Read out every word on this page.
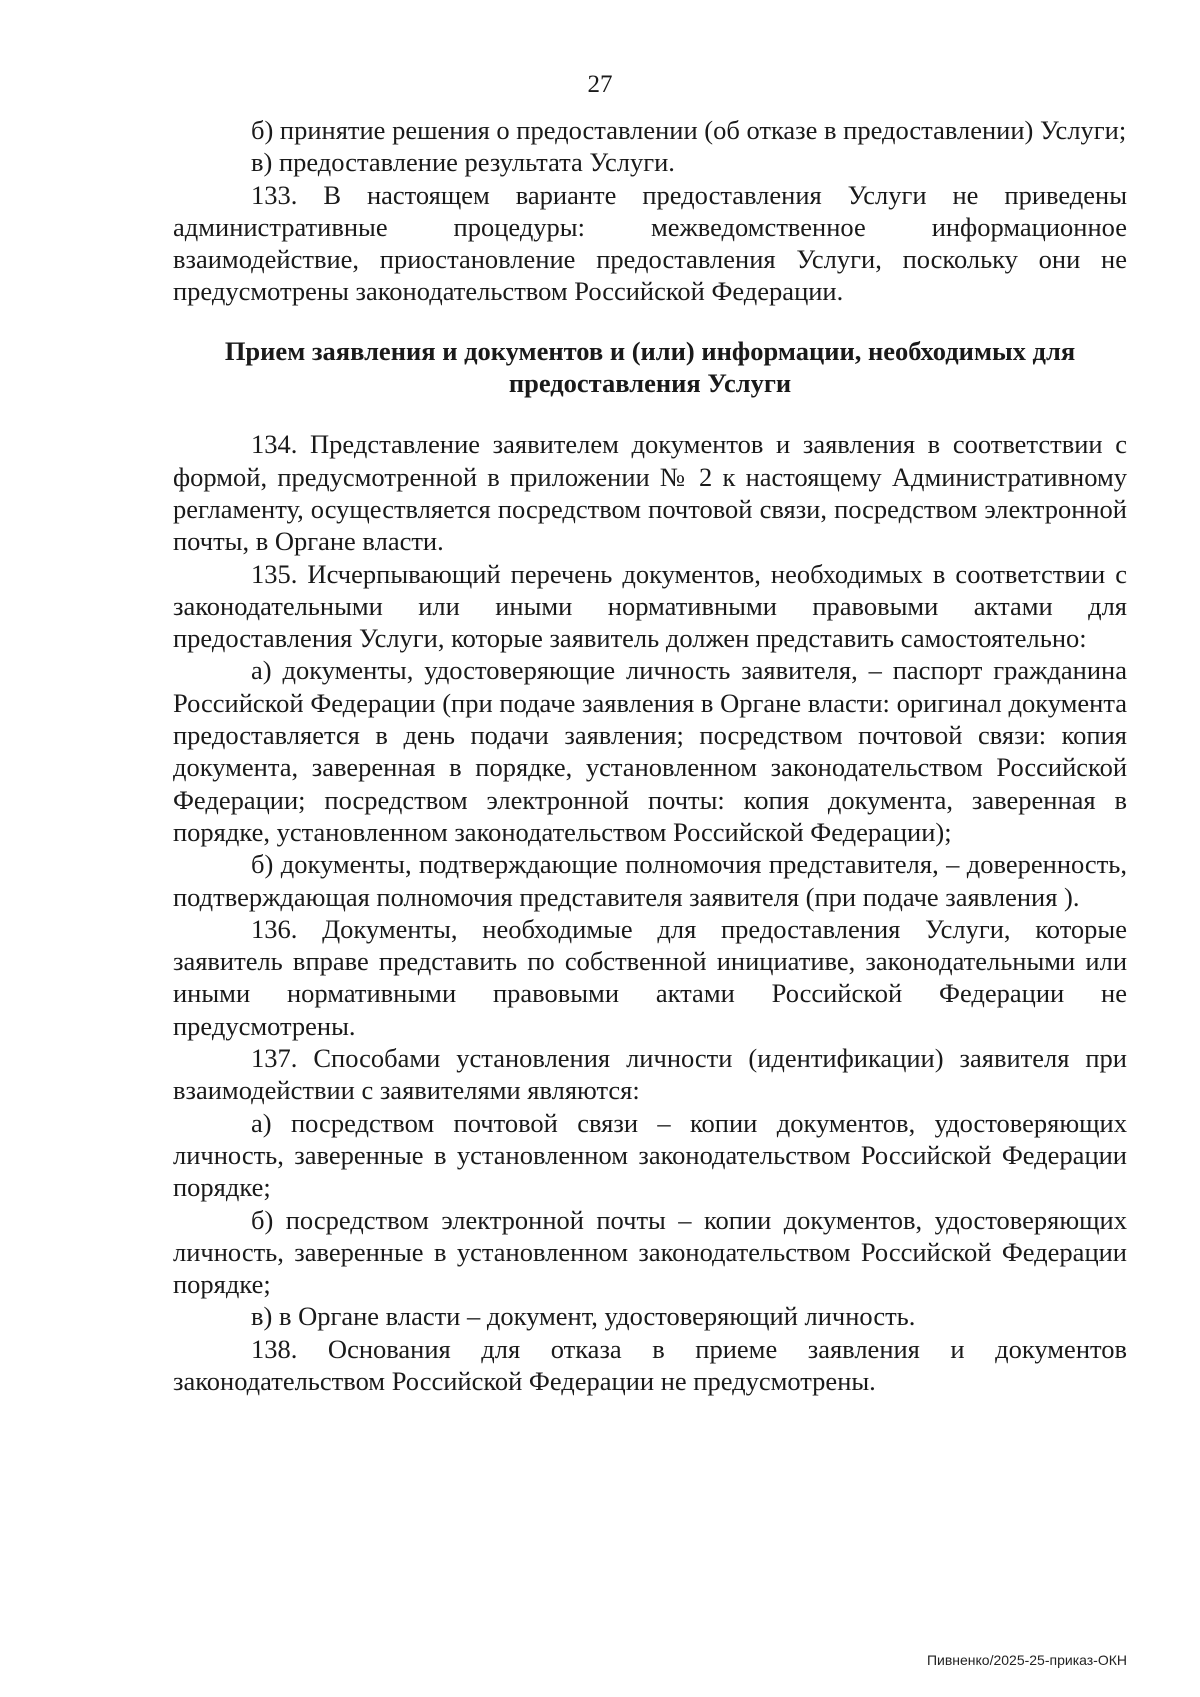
27

б) принятие решения о предоставлении (об отказе в предоставлении) Услуги;

в) предоставление результата Услуги.

133. В настоящем варианте предоставления Услуги не приведены административные процедуры: межведомственное информационное взаимодействие, приостановление предоставления Услуги, поскольку они не предусмотрены законодательством Российской Федерации.

Прием заявления и документов и (или) информации, необходимых для предоставления Услуги

134. Представление заявителем документов и заявления в соответствии с формой, предусмотренной в приложении № 2 к настоящему Административному регламенту, осуществляется посредством почтовой связи, посредством электронной почты, в Органе власти.

135. Исчерпывающий перечень документов, необходимых в соответствии с законодательными или иными нормативными правовыми актами для предоставления Услуги, которые заявитель должен представить самостоятельно:

а) документы, удостоверяющие личность заявителя, – паспорт гражданина Российской Федерации (при подаче заявления в Органе власти: оригинал документа предоставляется в день подачи заявления; посредством почтовой связи: копия документа, заверенная в порядке, установленном законодательством Российской Федерации; посредством электронной почты: копия документа, заверенная в порядке, установленном законодательством Российской Федерации);

б) документы, подтверждающие полномочия представителя, – доверенность, подтверждающая полномочия представителя заявителя (при подаче заявления ).

136. Документы, необходимые для предоставления Услуги, которые заявитель вправе представить по собственной инициативе, законодательными или иными нормативными правовыми актами Российской Федерации не предусмотрены.

137. Способами установления личности (идентификации) заявителя при взаимодействии с заявителями являются:

а) посредством почтовой связи – копии документов, удостоверяющих личность, заверенные в установленном законодательством Российской Федерации порядке;

б) посредством электронной почты – копии документов, удостоверяющих личность, заверенные в установленном законодательством Российской Федерации порядке;

в) в Органе власти – документ, удостоверяющий личность.

138. Основания для отказа в приеме заявления и документов законодательством Российской Федерации не предусмотрены.

Пивненко/2025-25-приказ-ОКН
